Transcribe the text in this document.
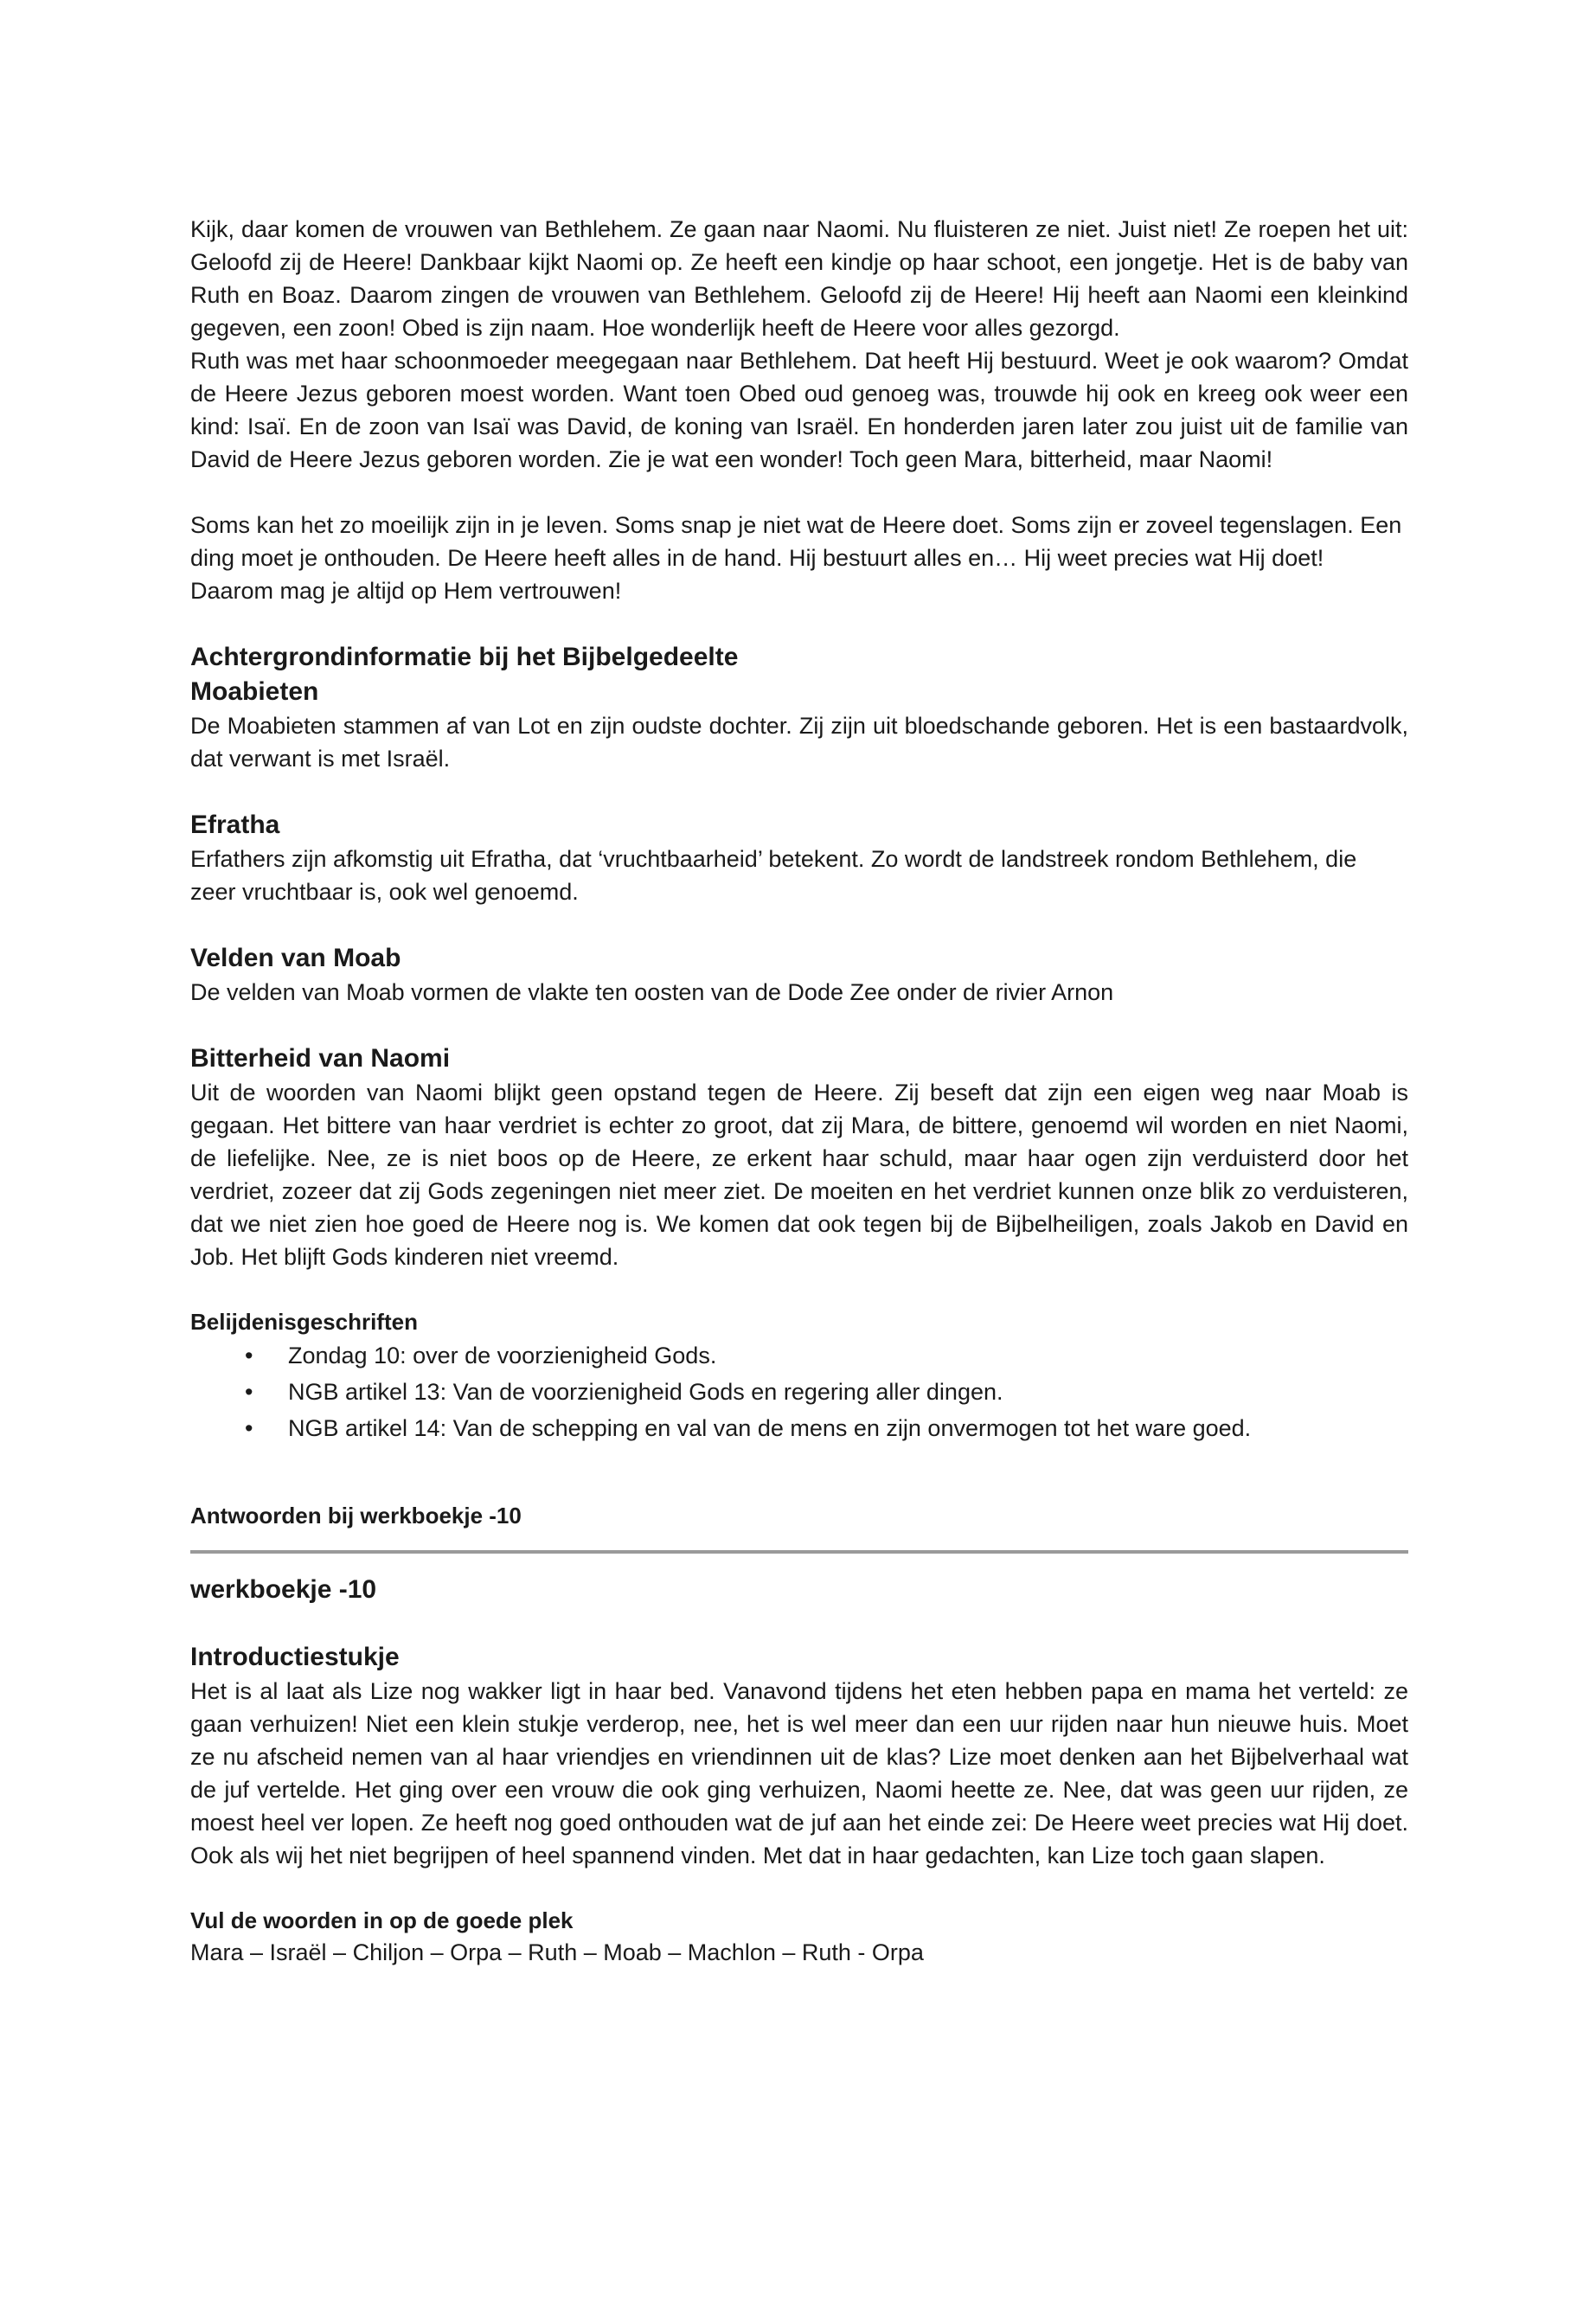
Kijk, daar komen de vrouwen van Bethlehem. Ze gaan naar Naomi. Nu fluisteren ze niet. Juist niet! Ze roepen het uit: Geloofd zij de Heere! Dankbaar kijkt Naomi op. Ze heeft een kindje op haar schoot, een jongetje. Het is de baby van Ruth en Boaz. Daarom zingen de vrouwen van Bethlehem. Geloofd zij de Heere! Hij heeft aan Naomi een kleinkind gegeven, een zoon! Obed is zijn naam. Hoe wonderlijk heeft de Heere voor alles gezorgd.

Ruth was met haar schoonmoeder meegegaan naar Bethlehem. Dat heeft Hij bestuurd. Weet je ook waarom? Omdat de Heere Jezus geboren moest worden. Want toen Obed oud genoeg was, trouwde hij ook en kreeg ook weer een kind: Isaï. En de zoon van Isaï was David, de koning van Israël. En honderden jaren later zou juist uit de familie van David de Heere Jezus geboren worden. Zie je wat een wonder! Toch geen Mara, bitterheid, maar Naomi!

Soms kan het zo moeilijk zijn in je leven. Soms snap je niet wat de Heere doet. Soms zijn er zoveel tegenslagen. Een ding moet je onthouden. De Heere heeft alles in de hand. Hij bestuurt alles en… Hij weet precies wat Hij doet! Daarom mag je altijd op Hem vertrouwen!

Achtergrondinformatie bij het Bijbelgedeelte
Moabieten

De Moabieten stammen af van Lot en zijn oudste dochter. Zij zijn uit bloedschande geboren. Het is een bastaardvolk, dat verwant is met Israël.

Efratha

Erfathers zijn afkomstig uit Efratha, dat ‘vruchtbaarheid’ betekent. Zo wordt de landstreek rondom Bethlehem, die zeer vruchtbaar is, ook wel genoemd.

Velden van Moab

De velden van Moab vormen de vlakte ten oosten van de Dode Zee onder de rivier Arnon

Bitterheid van Naomi

Uit de woorden van Naomi blijkt geen opstand tegen de Heere. Zij beseft dat zijn een eigen weg naar Moab is gegaan. Het bittere van haar verdriet is echter zo groot, dat zij Mara, de bittere, genoemd wil worden en niet Naomi, de liefelijke. Nee, ze is niet boos op de Heere, ze erkent haar schuld, maar haar ogen zijn verduisterd door het verdriet, zozeer dat zij Gods zegeningen niet meer ziet. De moeiten en het verdriet kunnen onze blik zo verduisteren, dat we niet zien hoe goed de Heere nog is. We komen dat ook tegen bij de Bijbelheiligen, zoals Jakob en David en Job. Het blijft Gods kinderen niet vreemd.

Belijdenisgeschriften
• Zondag 10: over de voorzienigheid Gods.
• NGB artikel 13: Van de voorzienigheid Gods en regering aller dingen.
• NGB artikel 14: Van de schepping en val van de mens en zijn onvermogen tot het ware goed.
Antwoorden bij werkboekje -10
werkboekje -10
Introductiestukje

Het is al laat als Lize nog wakker ligt in haar bed. Vanavond tijdens het eten hebben papa en mama het verteld: ze gaan verhuizen! Niet een klein stukje verderop, nee, het is wel meer dan een uur rijden naar hun nieuwe huis. Moet ze nu afscheid nemen van al haar vriendjes en vriendinnen uit de klas? Lize moet denken aan het Bijbelverhaal wat de juf vertelde. Het ging over een vrouw die ook ging verhuizen, Naomi heette ze. Nee, dat was geen uur rijden, ze moest heel ver lopen. Ze heeft nog goed onthouden wat de juf aan het einde zei: De Heere weet precies wat Hij doet. Ook als wij het niet begrijpen of heel spannend vinden. Met dat in haar gedachten, kan Lize toch gaan slapen.

Vul de woorden in op de goede plek

Mara – Israël – Chiljon – Orpa – Ruth – Moab – Machlon – Ruth - Orpa
